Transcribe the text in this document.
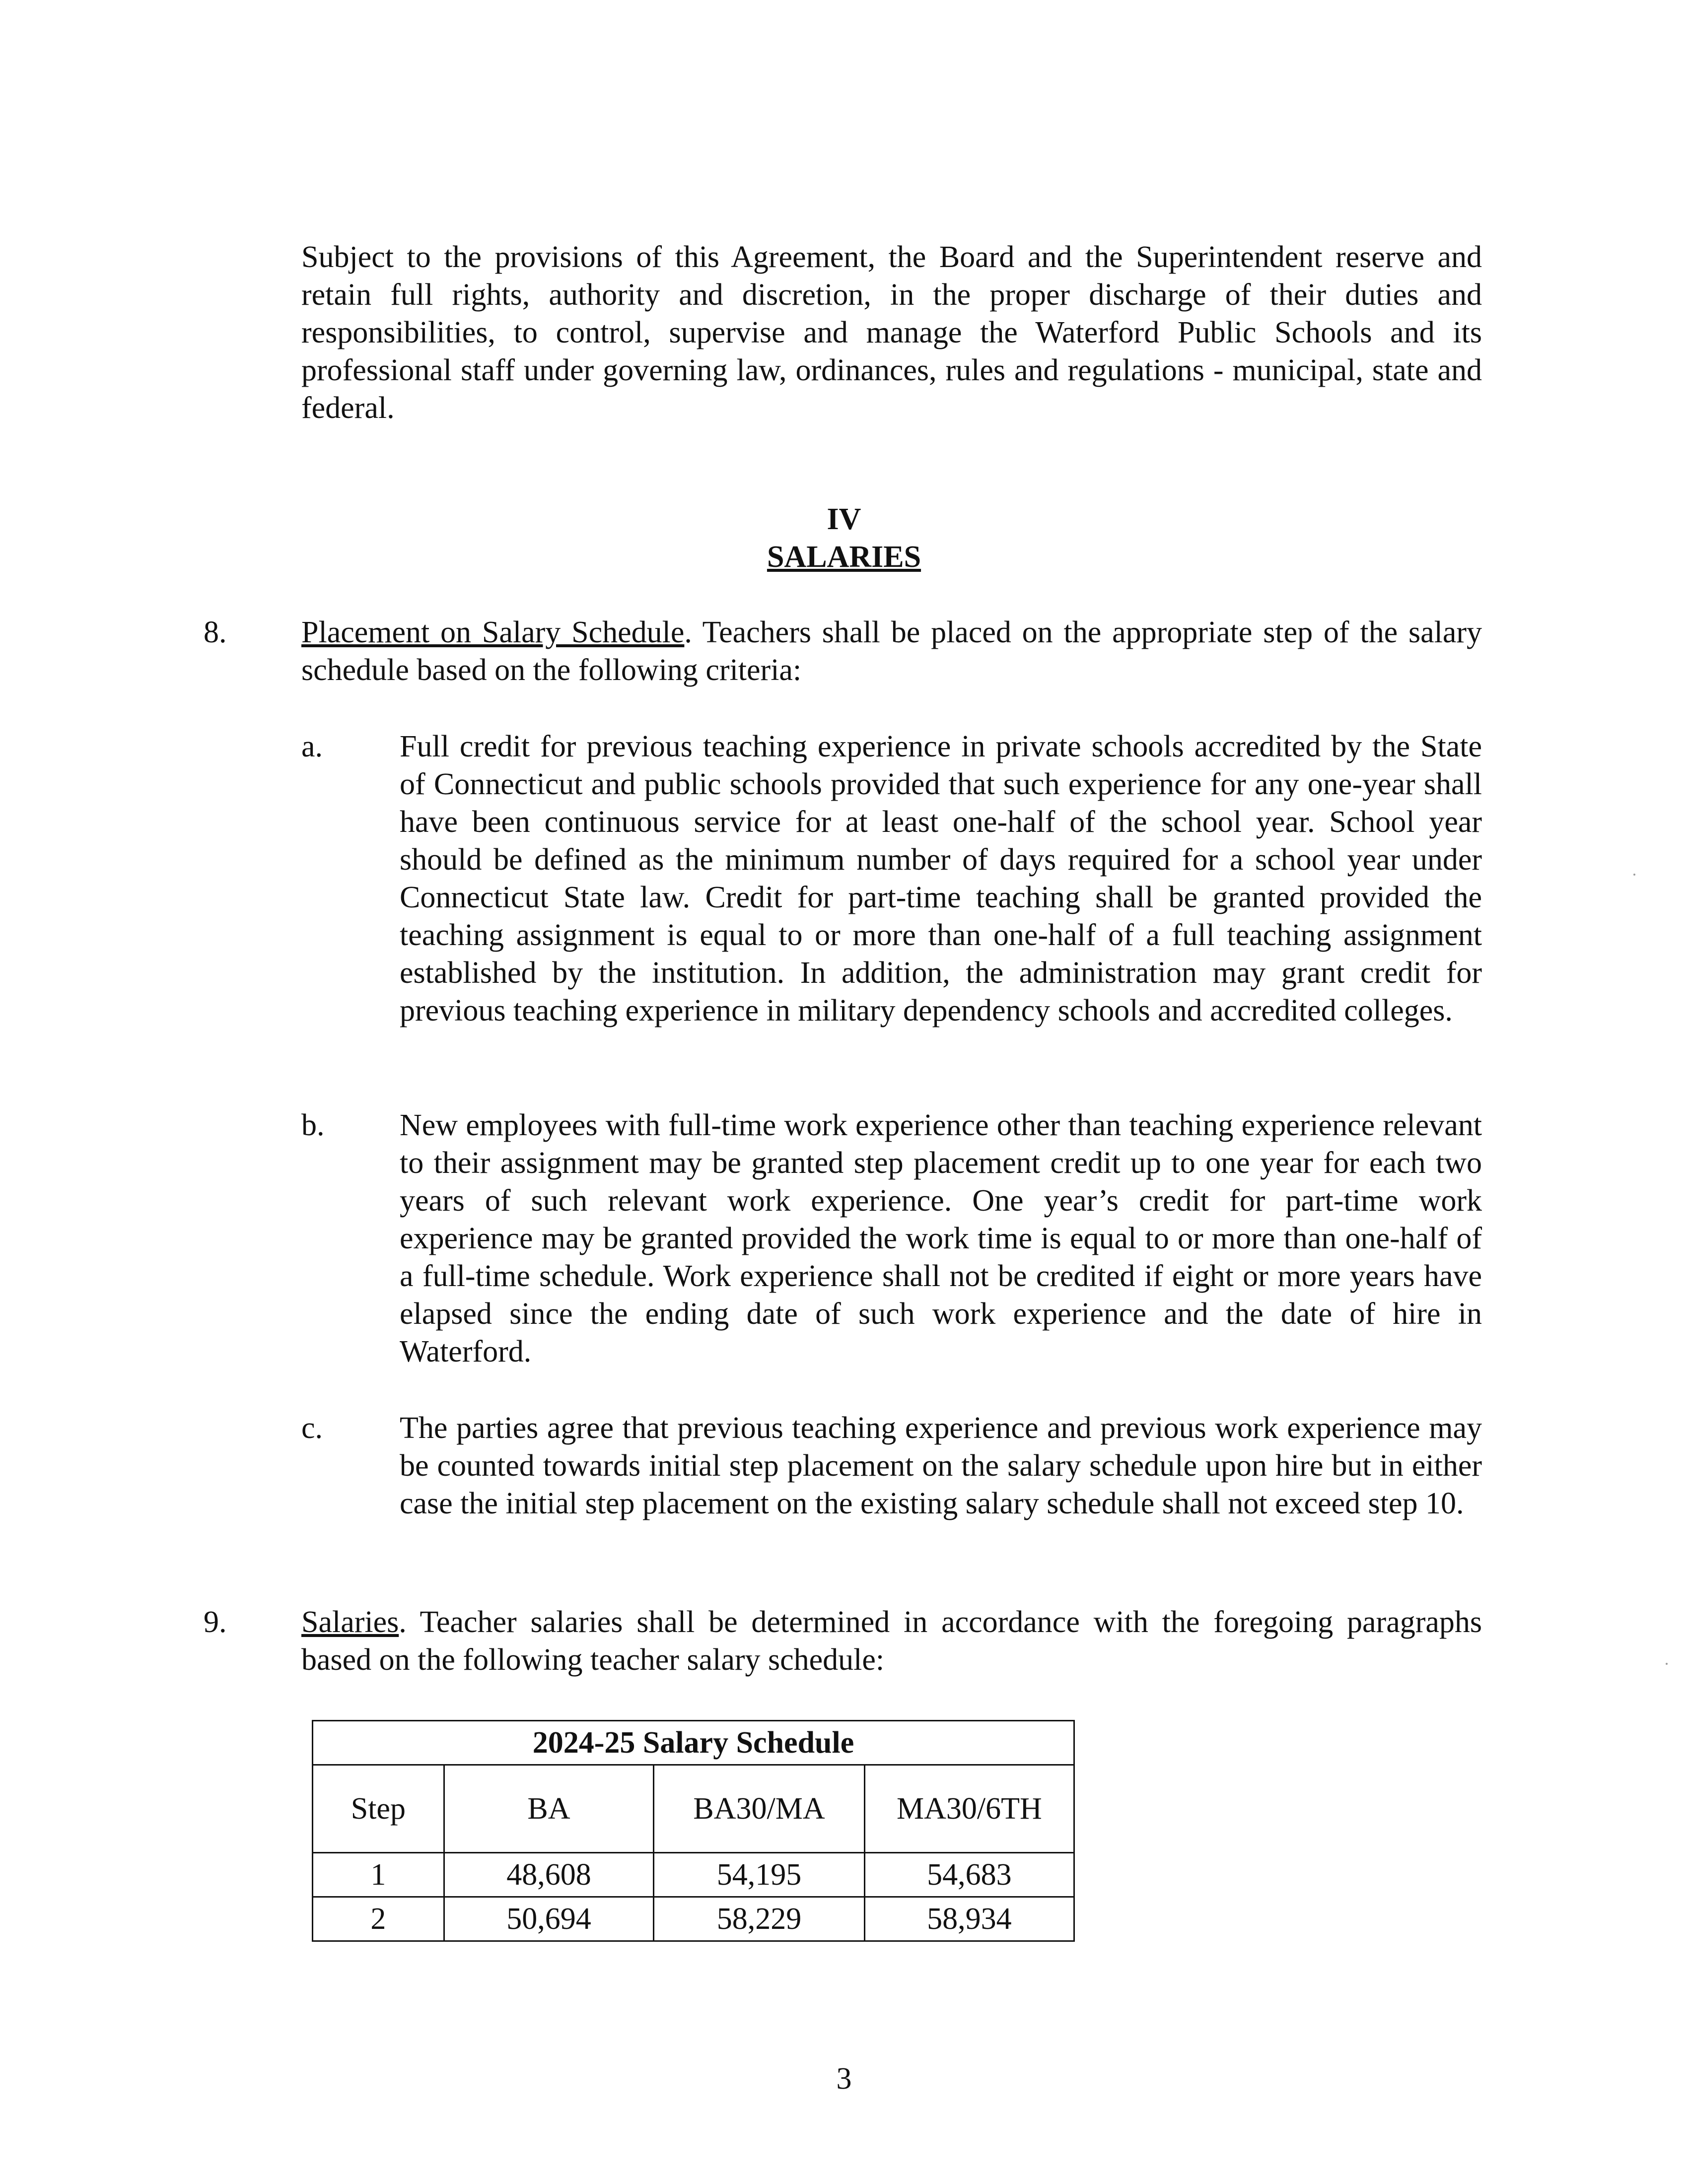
Subject to the provisions of this Agreement, the Board and the Superintendent reserve and retain full rights, authority and discretion, in the proper discharge of their duties and responsibilities, to control, supervise and manage the Waterford Public Schools and its professional staff under governing law, ordinances, rules and regulations - municipal, state and federal.
IV
SALARIES
8. Placement on Salary Schedule. Teachers shall be placed on the appropriate step of the salary schedule based on the following criteria:
a. Full credit for previous teaching experience in private schools accredited by the State of Connecticut and public schools provided that such experience for any one-year shall have been continuous service for at least one-half of the school year. School year should be defined as the minimum number of days required for a school year under Connecticut State law. Credit for part-time teaching shall be granted provided the teaching assignment is equal to or more than one-half of a full teaching assignment established by the institution. In addition, the administration may grant credit for previous teaching experience in military dependency schools and accredited colleges.
b. New employees with full-time work experience other than teaching experience relevant to their assignment may be granted step placement credit up to one year for each two years of such relevant work experience. One year’s credit for part-time work experience may be granted provided the work time is equal to or more than one-half of a full-time schedule. Work experience shall not be credited if eight or more years have elapsed since the ending date of such work experience and the date of hire in Waterford.
c. The parties agree that previous teaching experience and previous work experience may be counted towards initial step placement on the salary schedule upon hire but in either case the initial step placement on the existing salary schedule shall not exceed step 10.
9. Salaries. Teacher salaries shall be determined in accordance with the foregoing paragraphs based on the following teacher salary schedule:
2024-25 Salary Schedule			
Step	BA	BA30/MA	MA30/6TH
1	48,608	54,195	54,683
2	50,694	58,229	58,934
3
